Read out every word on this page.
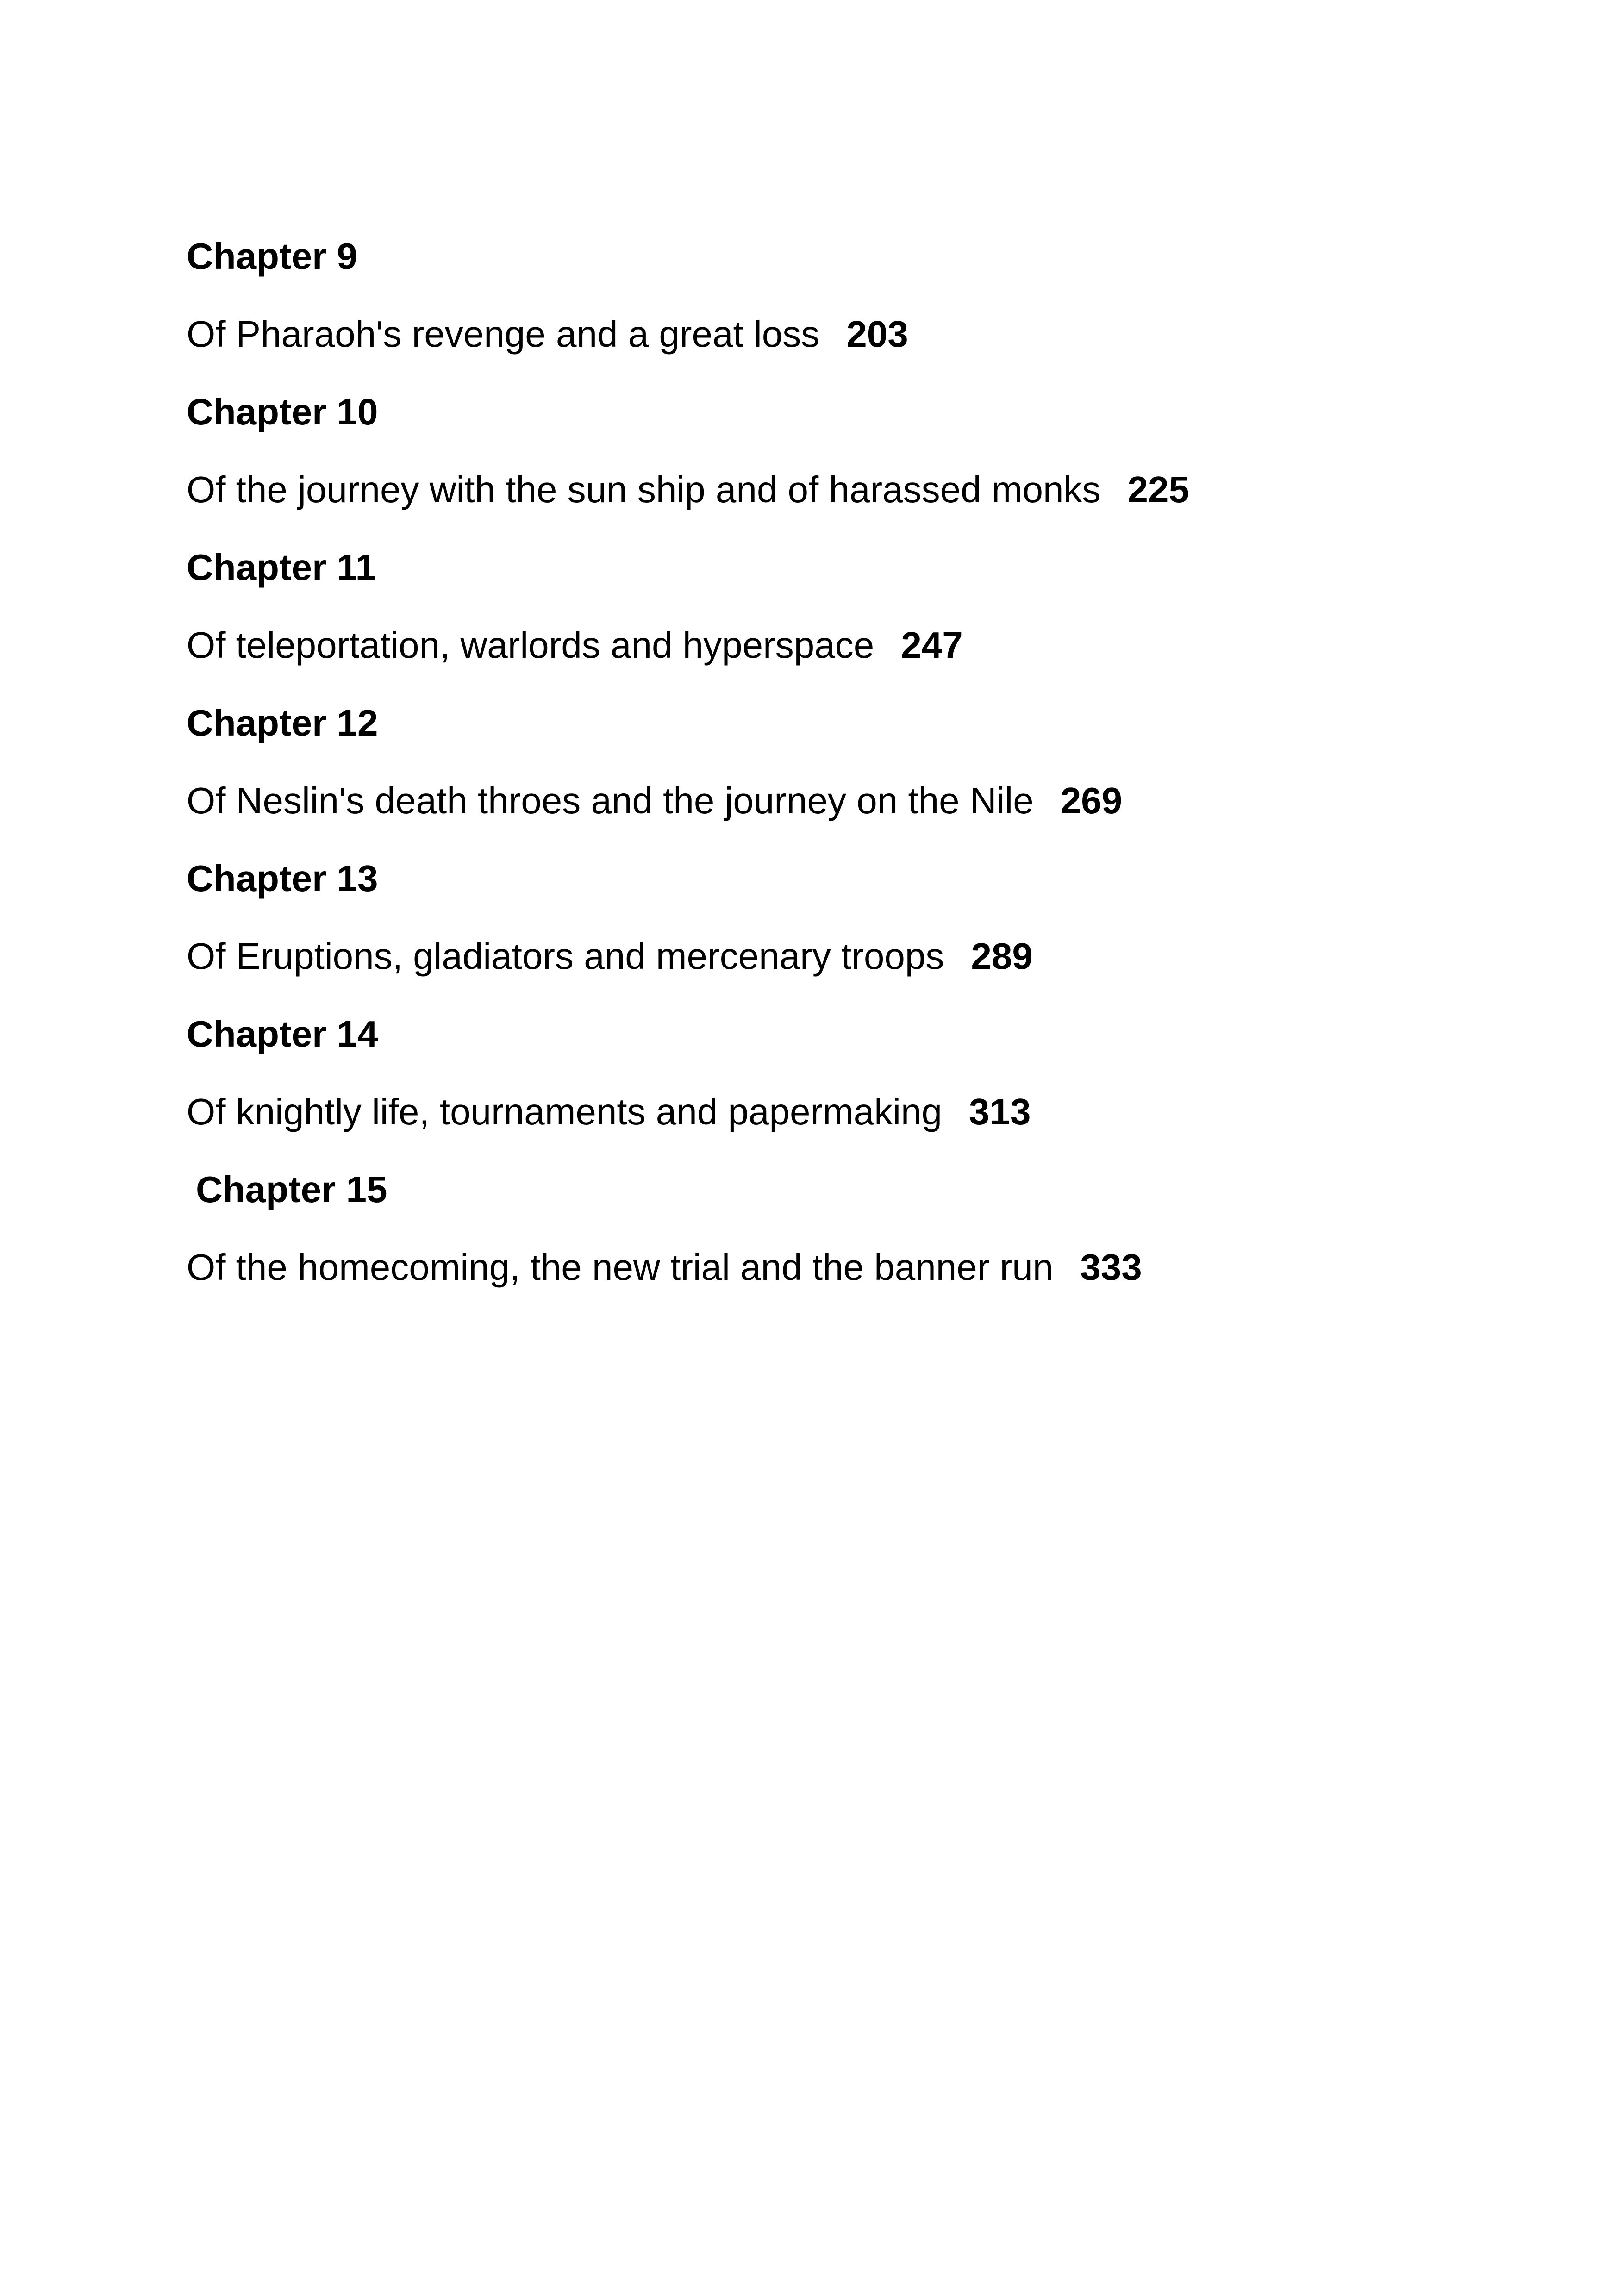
Chapter 9
Of Pharaoh's revenge and a great loss 203
Chapter 10
Of the journey with the sun ship and of harassed monks 225
Chapter 11
Of teleportation, warlords and hyperspace 247
Chapter 12
Of Neslin's death throes and the journey on the Nile 269
Chapter 13
Of Eruptions, gladiators and mercenary troops 289
Chapter 14
Of knightly life, tournaments and papermaking 313
Chapter 15
Of the homecoming, the new trial and the banner run 333
